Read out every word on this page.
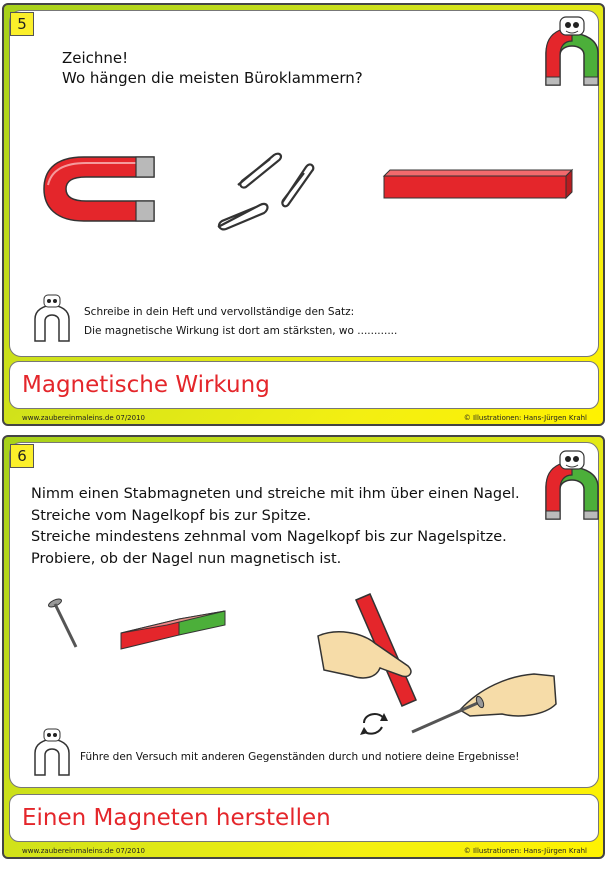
5
Zeichne!
Wo hängen die meisten Büroklammern?
Schreibe in dein Heft und vervollständige den Satz:
Die magnetische Wirkung ist dort am stärksten, wo ............
Magnetische Wirkung
www.zaubereinmaleins.de 07/2010	© Illustrationen: Hans-Jürgen Krahl
6
Nimm einen Stabmagneten und streiche mit ihm über einen Nagel.
Streiche vom Nagelkopf bis zur Spitze.
Streiche mindestens zehnmal vom Nagelkopf bis zur Nagelspitze.
Probiere, ob der Nagel nun magnetisch ist.
Führe den Versuch mit anderen Gegenständen durch und notiere deine Ergebnisse!
Einen Magneten herstellen
www.zaubereinmaleins.de 07/2010	© Illustrationen: Hans-Jürgen Krahl
